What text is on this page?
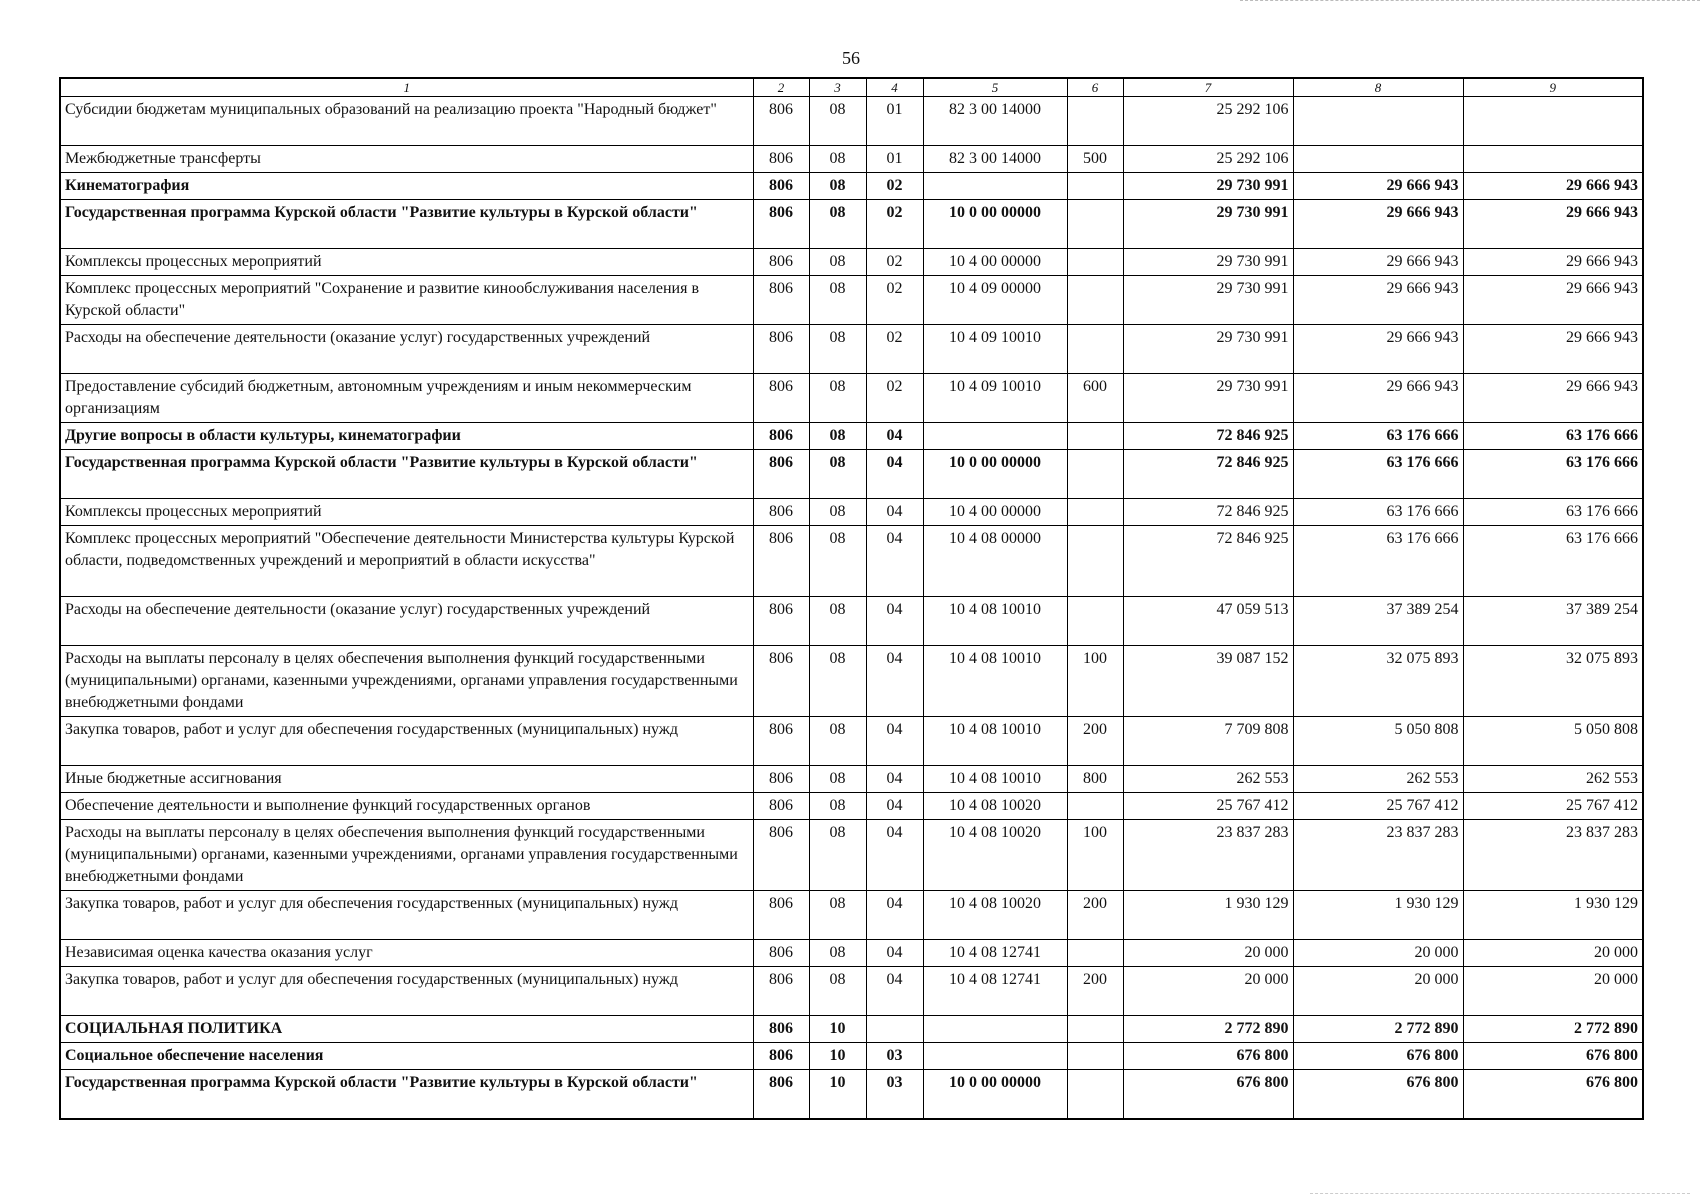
56
1	2	3	4	5	6	7	8	9
Субсидии бюджетам муниципальных образований на реализацию проекта "Народный бюджет"	806	08	01	82 3 00 14000		25 292 106		
Межбюджетные трансферты	806	08	01	82 3 00 14000	500	25 292 106		
Кинематография	806	08	02			29 730 991	29 666 943	29 666 943
Государственная программа Курской области "Развитие культуры в Курской области"	806	08	02	10 0 00 00000		29 730 991	29 666 943	29 666 943
Комплексы процессных мероприятий	806	08	02	10 4 00 00000		29 730 991	29 666 943	29 666 943
Комплекс процессных мероприятий "Сохранение и развитие кинообслуживания населения в Курской области"	806	08	02	10 4 09 00000		29 730 991	29 666 943	29 666 943
Расходы на обеспечение деятельности (оказание услуг) государственных учреждений	806	08	02	10 4 09 10010		29 730 991	29 666 943	29 666 943
Предоставление субсидий бюджетным, автономным учреждениям и иным некоммерческим организациям	806	08	02	10 4 09 10010	600	29 730 991	29 666 943	29 666 943
Другие вопросы в области культуры, кинематографии	806	08	04			72 846 925	63 176 666	63 176 666
Государственная программа Курской области "Развитие культуры в Курской области"	806	08	04	10 0 00 00000		72 846 925	63 176 666	63 176 666
Комплексы процессных мероприятий	806	08	04	10 4 00 00000		72 846 925	63 176 666	63 176 666
Комплекс процессных мероприятий "Обеспечение деятельности Министерства культуры Курской области, подведомственных учреждений и мероприятий в области искусства"	806	08	04	10 4 08 00000		72 846 925	63 176 666	63 176 666
Расходы на обеспечение деятельности (оказание услуг) государственных учреждений	806	08	04	10 4 08 10010		47 059 513	37 389 254	37 389 254
Расходы на выплаты персоналу в целях обеспечения выполнения функций государственными (муниципальными) органами, казенными учреждениями, органами управления государственными внебюджетными фондами	806	08	04	10 4 08 10010	100	39 087 152	32 075 893	32 075 893
Закупка товаров, работ и услуг для обеспечения государственных (муниципальных) нужд	806	08	04	10 4 08 10010	200	7 709 808	5 050 808	5 050 808
Иные бюджетные ассигнования	806	08	04	10 4 08 10010	800	262 553	262 553	262 553
Обеспечение деятельности и выполнение функций государственных органов	806	08	04	10 4 08 10020		25 767 412	25 767 412	25 767 412
Расходы на выплаты персоналу в целях обеспечения выполнения функций государственными (муниципальными) органами, казенными учреждениями, органами управления государственными внебюджетными фондами	806	08	04	10 4 08 10020	100	23 837 283	23 837 283	23 837 283
Закупка товаров, работ и услуг для обеспечения государственных (муниципальных) нужд	806	08	04	10 4 08 10020	200	1 930 129	1 930 129	1 930 129
Независимая оценка качества оказания услуг	806	08	04	10 4 08 12741		20 000	20 000	20 000
Закупка товаров, работ и услуг для обеспечения государственных (муниципальных) нужд	806	08	04	10 4 08 12741	200	20 000	20 000	20 000
СОЦИАЛЬНАЯ ПОЛИТИКА	806	10				2 772 890	2 772 890	2 772 890
Социальное обеспечение населения	806	10	03			676 800	676 800	676 800
Государственная программа Курской области "Развитие культуры в Курской области"	806	10	03	10 0 00 00000		676 800	676 800	676 800
